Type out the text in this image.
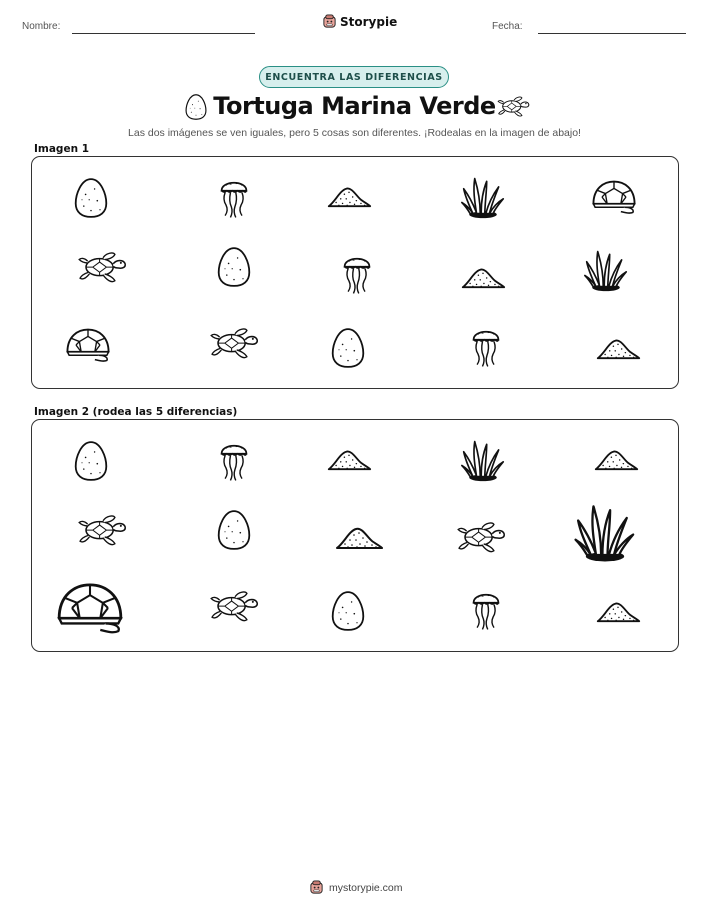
Nombre:	Storypie	Fecha:
ENCUENTRA LAS DIFERENCIAS
Tortuga Marina Verde
Las dos imágenes se ven iguales, pero 5 cosas son diferentes. ¡Rodealas en la imagen de abajo!
Imagen 1
Imagen 2 (rodea las 5 diferencias)
mystorypie.com
